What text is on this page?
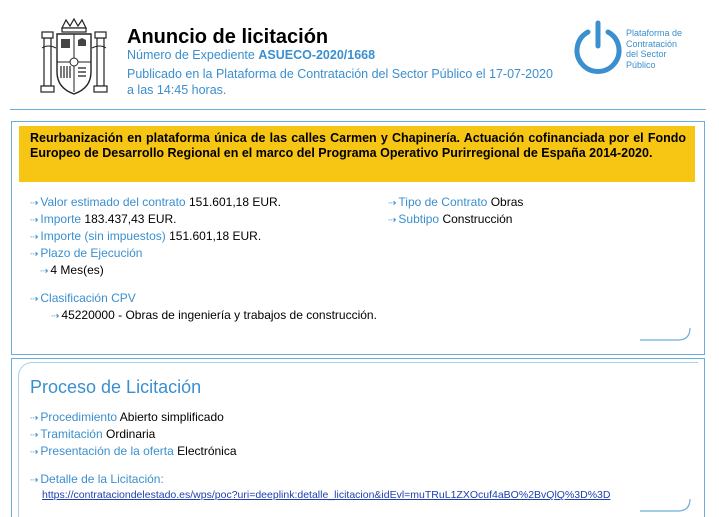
Anuncio de licitación
Número de Expediente ASUECO-2020/1668
Publicado en la Plataforma de Contratación del Sector Público el 17-07-2020
a las 14:45 horas.
Plataforma de
Contratación
del Sector
Público
Reurbanización en plataforma única de las calles Carmen y Chapinería. Actuación cofinanciada por el Fondo Europeo de Desarrollo Regional en el marco del Programa Operativo Purirregional de España 2014-2020.
⇢ Valor estimado del contrato 151.601,18 EUR.
⇢ Importe 183.437,43 EUR.
⇢ Importe (sin impuestos) 151.601,18 EUR.
⇢ Plazo de Ejecución
⇢ 4 Mes(es)
⇢ Clasificación CPV
⇢ 45220000 - Obras de ingeniería y trabajos de construcción.
⇢ Tipo de Contrato Obras
⇢ Subtipo Construcción
Proceso de Licitación
⇢ Procedimiento Abierto simplificado
⇢ Tramitación Ordinaria
⇢ Presentación de la oferta Electrónica
⇢ Detalle de la Licitación:
https://contrataciondelestado.es/wps/poc?uri=deeplink:detalle_licitacion&idEvl=muTRuL1ZXOcuf4aBO%2BvQlQ%3D%3D
